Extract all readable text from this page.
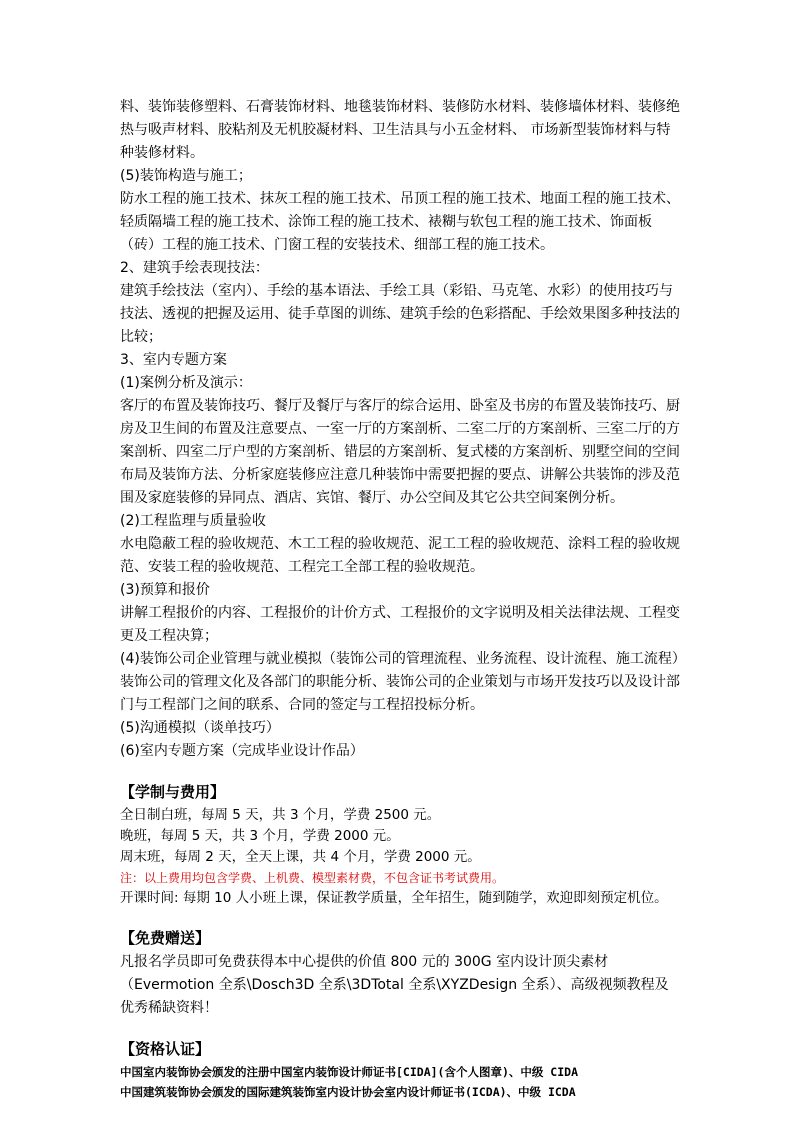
料、装饰装修塑料、石膏装饰材料、地毯装饰材料、装修防水材料、装修墙体材料、装修绝热与吸声材料、胶粘剂及无机胶凝材料、卫生洁具与小五金材料、 市场新型装饰材料与特种装修材料。

(5)装饰构造与施工；

防水工程的施工技术、抹灰工程的施工技术、吊顶工程的施工技术、地面工程的施工技术、轻质隔墙工程的施工技术、涂饰工程的施工技术、裱糊与软包工程的施工技术、饰面板（砖）工程的施工技术、门窗工程的安装技术、细部工程的施工技术。

2、建筑手绘表现技法：

建筑手绘技法（室内）、手绘的基本语法、手绘工具（彩铅、马克笔、水彩）的使用技巧与技法、透视的把握及运用、徒手草图的训练、建筑手绘的色彩搭配、手绘效果图多种技法的比较；

3、室内专题方案

(1)案例分析及演示：

客厅的布置及装饰技巧、餐厅及餐厅与客厅的综合运用、卧室及书房的布置及装饰技巧、厨房及卫生间的布置及注意要点、一室一厅的方案剖析、二室二厅的方案剖析、三室二厅的方案剖析、四室二厅户型的方案剖析、错层的方案剖析、复式楼的方案剖析、别墅空间的空间布局及装饰方法、分析家庭装修应注意几种装饰中需要把握的要点、讲解公共装饰的涉及范围及家庭装修的异同点、酒店、宾馆、餐厅、办公空间及其它公共空间案例分析。

(2)工程监理与质量验收

水电隐蔽工程的验收规范、木工工程的验收规范、泥工工程的验收规范、涂料工程的验收规范、安装工程的验收规范、工程完工全部工程的验收规范。

(3)预算和报价

讲解工程报价的内容、工程报价的计价方式、工程报价的文字说明及相关法律法规、工程变更及工程决算；

(4)装饰公司企业管理与就业模拟（装饰公司的管理流程、业务流程、设计流程、施工流程）装饰公司的管理文化及各部门的职能分析、装饰公司的企业策划与市场开发技巧以及设计部门与工程部门之间的联系、合同的签定与工程招投标分析。

(5)沟通模拟（谈单技巧）

(6)室内专题方案（完成毕业设计作品）

【学制与费用】

全日制白班，每周 5 天，共 3 个月，学费 2500 元。

晚班，每周 5 天，共 3 个月，学费 2000 元。

周末班，每周 2 天，全天上课，共 4 个月，学费 2000 元。

注：以上费用均包含学费、上机费、模型素材费，不包含证书考试费用。

开课时间: 每期 10 人小班上课，保证教学质量，全年招生，随到随学，欢迎即刻预定机位。

【免费赠送】

凡报名学员即可免费获得本中心提供的价值 800 元的 300G 室内设计顶尖素材（Evermotion 全系\Dosch3D 全系\3DTotal 全系\XYZDesign 全系）、高级视频教程及优秀稀缺资料！

【资格认证】

中国室内装饰协会颁发的注册中国室内装饰设计师证书[CIDA](含个人图章)、中级 CIDA

中国建筑装饰协会颁发的国际建筑装饰室内设计协会室内设计师证书(ICDA)、中级 ICDA
